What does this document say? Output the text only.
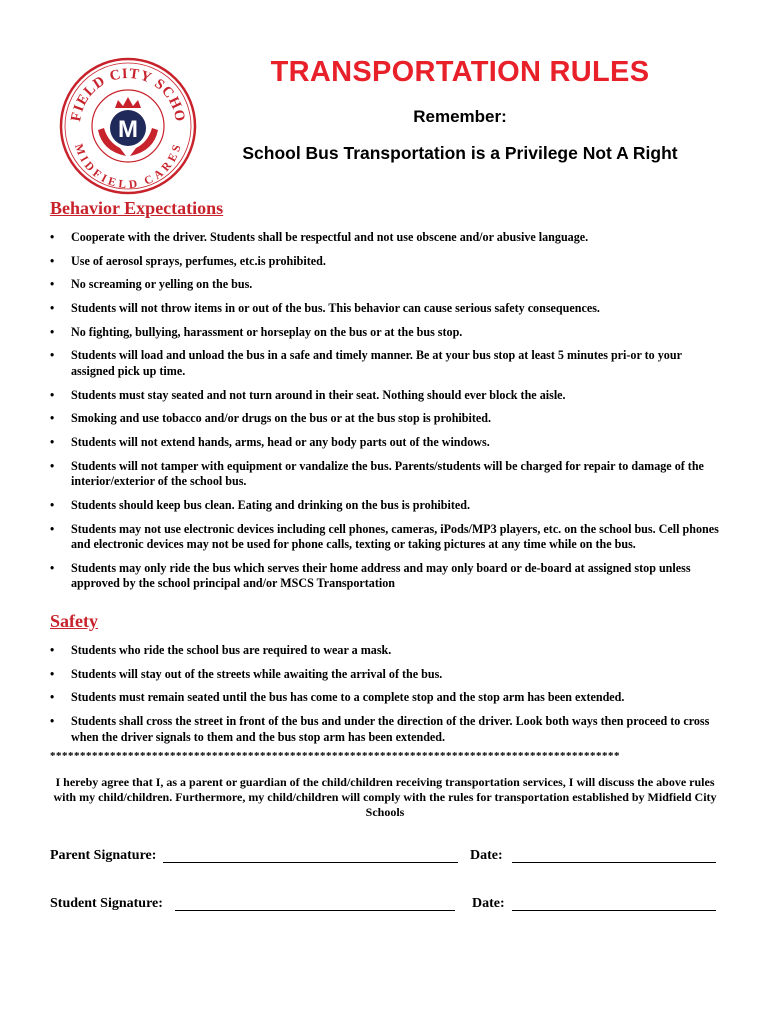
FIELD CITY SCHO
MIDFIELD CARES
M
TRANSPORTATION RULES
Remember:
School Bus Transportation is a Privilege Not A Right
Behavior Expectations
• Cooperate with the driver. Students shall be respectful and not use obscene and/or abusive language.
• Use of aerosol sprays, perfumes, etc.is prohibited.
• No screaming or yelling on the bus.
• Students will not throw items in or out of the bus. This behavior can cause serious safety consequences.
• No fighting, bullying, harassment or horseplay on the bus or at the bus stop.
• Students will load and unload the bus in a safe and timely manner. Be at your bus stop at least 5 minutes pri-or to your assigned pick up time.
• Students must stay seated and not turn around in their seat. Nothing should ever block the aisle.
• Smoking and use tobacco and/or drugs on the bus or at the bus stop is prohibited.
• Students will not extend hands, arms, head or any body parts out of the windows.
• Students will not tamper with equipment or vandalize the bus. Parents/students will be charged for repair to damage of the interior/exterior of the school bus.
• Students should keep bus clean. Eating and drinking on the bus is prohibited.
• Students may not use electronic devices including cell phones, cameras, iPods/MP3 players, etc. on the school bus. Cell phones and electronic devices may not be used for phone calls, texting or taking pictures at any time while on the bus.
• Students may only ride the bus which serves their home address and may only board or de-board at assigned stop unless approved by the school principal and/or MSCS Transportation
Safety
• Students who ride the school bus are required to wear a mask.
• Students will stay out of the streets while awaiting the arrival of the bus.
• Students must remain seated until the bus has come to a complete stop and the stop arm has been extended.
• Students shall cross the street in front of the bus and under the direction of the driver. Look both ways then proceed to cross when the driver signals to them and the bus stop arm has been extended.
***********************************************************************************************
I hereby agree that I, as a parent or guardian of the child/children receiving transportation services, I will discuss the above rules with my child/children. Furthermore, my child/children will comply with the rules for transportation established by Midfield City Schools
Parent Signature:	Date:
Student Signature:	Date:
